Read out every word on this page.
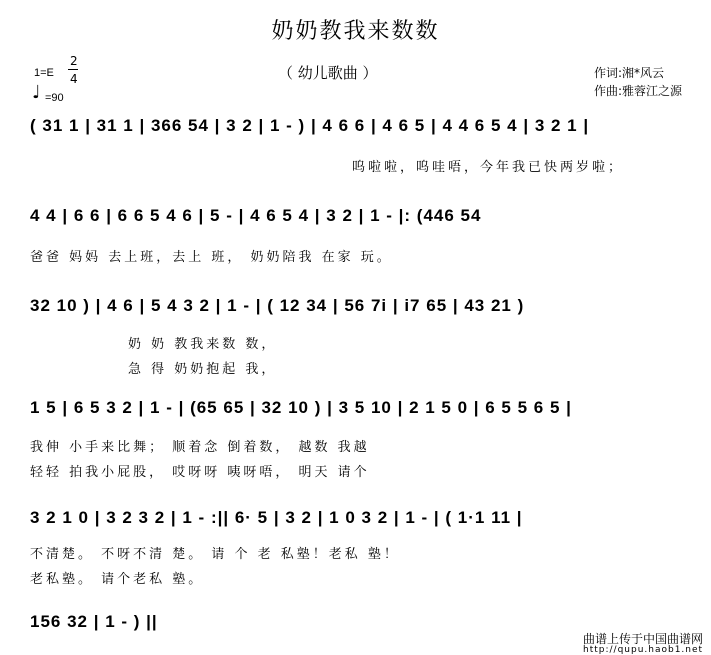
奶奶教我来数数
（ 幼儿歌曲 ）	作词:湘*风云
作曲:雅蓉江之源
1=E
2
4
♩ =90
( 31 1 | 31 1 | 366 54 | 3 2 | 1 - ) | 4 6 6 | 4 6 5 | 4 4 6 5 4 | 3 2 1 |
呜啦啦，呜哇唔，今年我已快两岁啦；
4 4 | 6 6 | 6 6 5 4 6 | 5 - | 4 6 5 4 | 3 2 | 1 - |: (446 54
爸爸 妈妈 去上班，去上 班， 奶奶陪我 在家 玩。
32 10 ) | 4 6 | 5 4 3 2 | 1 - | ( 12 34 | 56 7i | i7 65 | 43 21 )
奶 奶 教我来数 数，
急 得 奶奶抱起 我，
1 5 | 6 5 3 2 | 1 - | (65 65 | 32 10 ) | 3 5 10 | 2 1 5 0 | 6 5 5 6 5 |
我伸 小手来比舞； 顺着念 倒着数， 越数 我越
轻轻 拍我小屁股， 哎呀呀 咦呀唔， 明天 请个
3 2 1 0 | 3 2 3 2 | 1 - :|| 6· 5 | 3 2 | 1 0 3 2 | 1 - | ( 1·1 11 |
不清楚。 不呀不清 楚。 请 个 老 私塾！老私 塾！
老私塾。 请个老私 塾。
156 32 | 1 - ) ||
曲谱上传于中国曲谱网
http://qupu.haob1.net
